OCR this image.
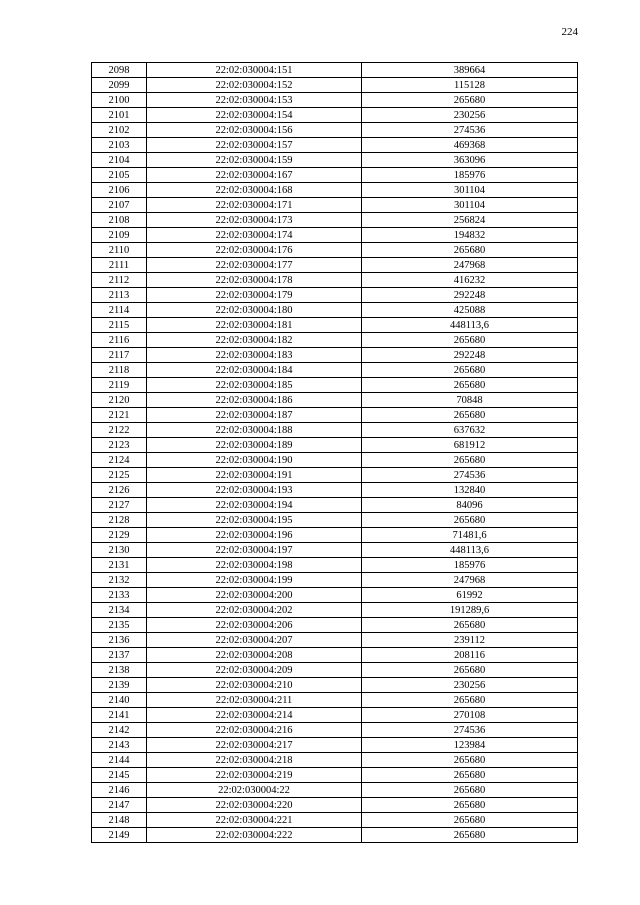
224
2098	22:02:030004:151	389664
2099	22:02:030004:152	115128
2100	22:02:030004:153	265680
2101	22:02:030004:154	230256
2102	22:02:030004:156	274536
2103	22:02:030004:157	469368
2104	22:02:030004:159	363096
2105	22:02:030004:167	185976
2106	22:02:030004:168	301104
2107	22:02:030004:171	301104
2108	22:02:030004:173	256824
2109	22:02:030004:174	194832
2110	22:02:030004:176	265680
2111	22:02:030004:177	247968
2112	22:02:030004:178	416232
2113	22:02:030004:179	292248
2114	22:02:030004:180	425088
2115	22:02:030004:181	448113,6
2116	22:02:030004:182	265680
2117	22:02:030004:183	292248
2118	22:02:030004:184	265680
2119	22:02:030004:185	265680
2120	22:02:030004:186	70848
2121	22:02:030004:187	265680
2122	22:02:030004:188	637632
2123	22:02:030004:189	681912
2124	22:02:030004:190	265680
2125	22:02:030004:191	274536
2126	22:02:030004:193	132840
2127	22:02:030004:194	84096
2128	22:02:030004:195	265680
2129	22:02:030004:196	71481,6
2130	22:02:030004:197	448113,6
2131	22:02:030004:198	185976
2132	22:02:030004:199	247968
2133	22:02:030004:200	61992
2134	22:02:030004:202	191289,6
2135	22:02:030004:206	265680
2136	22:02:030004:207	239112
2137	22:02:030004:208	208116
2138	22:02:030004:209	265680
2139	22:02:030004:210	230256
2140	22:02:030004:211	265680
2141	22:02:030004:214	270108
2142	22:02:030004:216	274536
2143	22:02:030004:217	123984
2144	22:02:030004:218	265680
2145	22:02:030004:219	265680
2146	22:02:030004:22	265680
2147	22:02:030004:220	265680
2148	22:02:030004:221	265680
2149	22:02:030004:222	265680
